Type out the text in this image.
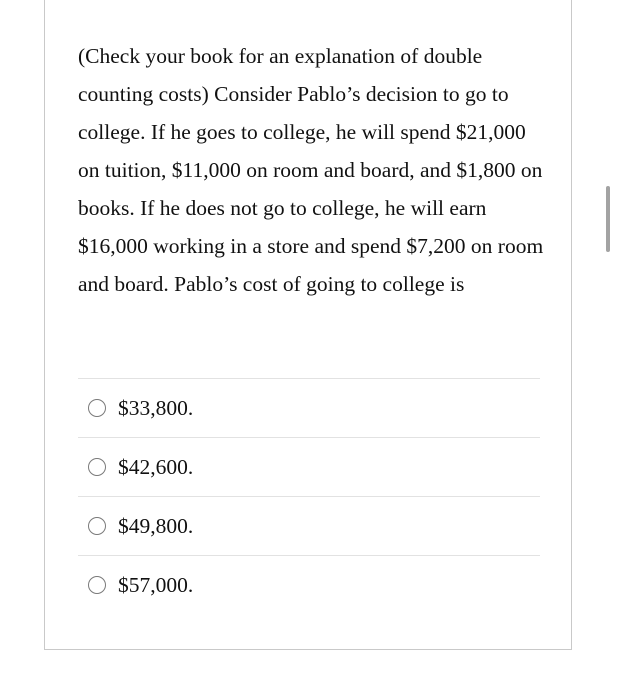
(Check your book for an explanation of double counting costs) Consider Pablo’s decision to go to college. If he goes to college, he will spend $21,000 on tuition, $11,000 on room and board, and $1,800 on books. If he does not go to college, he will earn $16,000 working in a store and spend $7,200 on room and board. Pablo’s cost of going to college is

$33,800.
$42,600.
$49,800.
$57,000.
